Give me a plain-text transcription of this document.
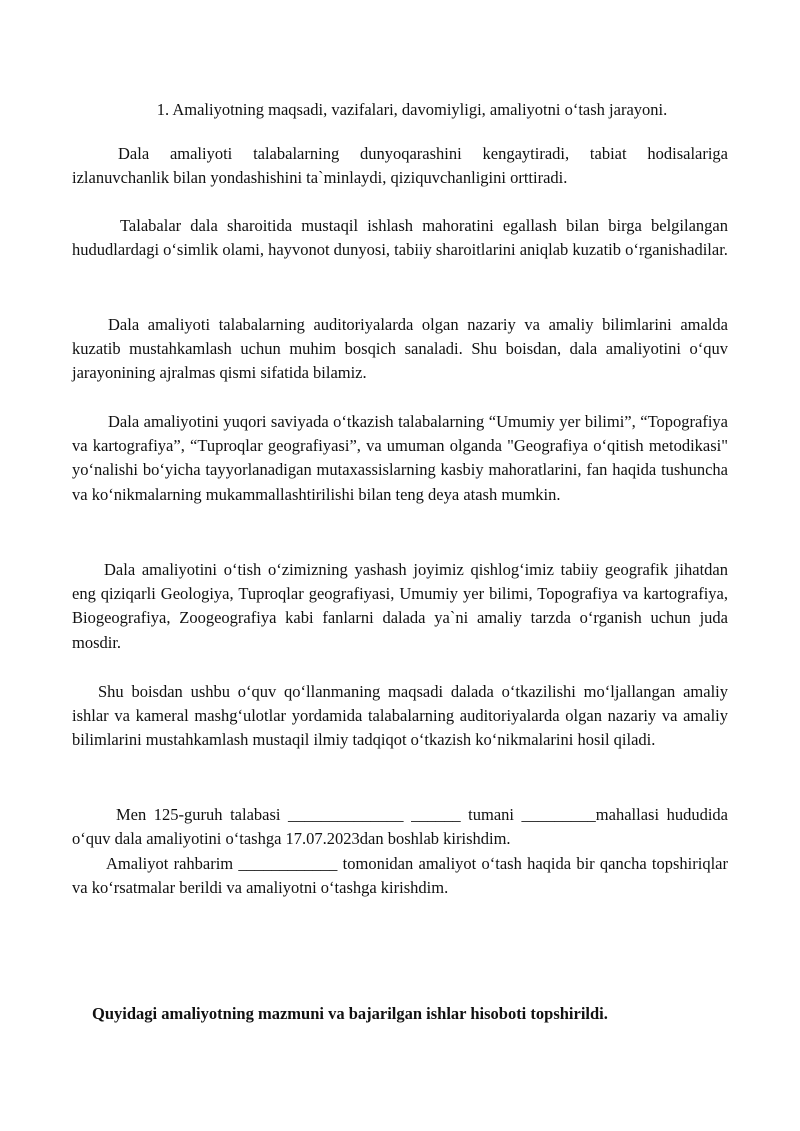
1. Amaliyotning maqsadi, vazifalari, davomiyligi, amaliyotni o‘tash jarayoni.

Dala amaliyoti talabalarning dunyoqarashini kengaytiradi, tabiat hodisalariga izlanuvchanlik bilan yondashishini ta`minlaydi, qiziquvchanligini orttiradi.

Talabalar dala sharoitida mustaqil ishlash mahoratini egallash bilan birga belgilangan hududlardagi o‘simlik olami, hayvonot dunyosi, tabiiy sharoitlarini aniqlab kuzatib o‘rganishadilar.

Dala amaliyoti talabalarning auditoriyalarda olgan nazariy va amaliy bilimlarini amalda kuzatib mustahkamlash uchun muhim bosqich sanaladi. Shu boisdan, dala amaliyotini o‘quv jarayonining ajralmas qismi sifatida bilamiz.

Dala amaliyotini yuqori saviyada o‘tkazish talabalarning “Umumiy yer bilimi”, “Topografiya va kartografiya”, “Tuproqlar geografiyasi”, va umuman olganda "Geografiya o‘qitish metodikasi" yo‘nalishi bo‘yicha tayyorlanadigan mutaxassislarning kasbiy mahoratlarini, fan haqida tushuncha va ko‘nikmalarning mukammallashtirilishi bilan teng deya atash mumkin.

Dala amaliyotini o‘tish o‘zimizning yashash joyimiz qishlog‘imiz tabiiy geografik jihatdan eng qiziqarli Geologiya, Tuproqlar geografiyasi, Umumiy yer bilimi, Topografiya va kartografiya, Biogeografiya, Zoogeografiya kabi fanlarni dalada ya`ni amaliy tarzda o‘rganish uchun juda mosdir.

Shu boisdan ushbu o‘quv qo‘llanmaning maqsadi dalada o‘tkazilishi mo‘ljallangan amaliy ishlar va kameral mashg‘ulotlar yordamida talabalarning auditoriyalarda olgan nazariy va amaliy bilimlarini mustahkamlash mustaqil ilmiy tadqiqot o‘tkazish ko‘nikmalarini hosil qiladi.

Men 125-guruh talabasi ______________ ______ tumani _________mahallasi hududida o‘quv dala amaliyotini o‘tashga 17.07.2023dan boshlab kirishdim.

Amaliyot rahbarim ____________ tomonidan amaliyot o‘tash haqida bir qancha topshiriqlar va ko‘rsatmalar berildi va amaliyotni o‘tashga kirishdim.

Quyidagi amaliyotning mazmuni va bajarilgan ishlar hisoboti topshirildi.
